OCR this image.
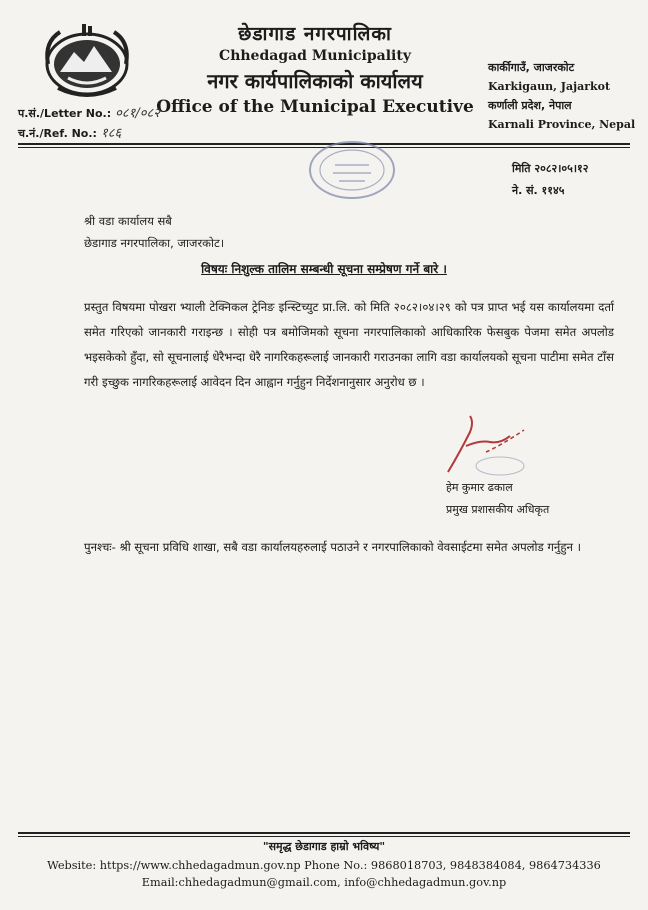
छेडागाड नगरपालिका
Chhedagad Municipality
नगर कार्यपालिकाको कार्यालय
Office of the Municipal Executive
प.सं./Letter No.: ०८१/०८२
च.नं./Ref. No.: १८६
कार्कीगाउँ, जाजरकोट
Karkigaun, Jajarkot
कर्णाली प्रदेश, नेपाल
Karnali Province, Nepal
मिति २०८२।०५।१२
ने. सं. ११४५
श्री वडा कार्यालय सबै
छेडागाड नगरपालिका, जाजरकोट।
विषयः निशुल्क तालिम सम्बन्धी सूचना सम्प्रेषण गर्ने बारे ।
प्रस्तुत विषयमा पोखरा भ्याली टेक्निकल ट्रेनिङ इन्स्टिच्युट प्रा.लि. को मिति २०८२।०४।२९ को पत्र प्राप्त भई यस कार्यालयमा दर्ता समेत गरिएको जानकारी गराइन्छ । सोही पत्र बमोजिमको सूचना नगरपालिकाको आधिकारिक फेसबुक पेजमा समेत अपलोड भइसकेको हुँदा, सो सूचनालाई धेरैभन्दा धेरै नागरिकहरूलाई जानकारी गराउनका लागि वडा कार्यालयको सूचना पाटीमा समेत टाँस गरी इच्छुक नागरिकहरूलाई आवेदन दिन आह्वान गर्नुहुन निर्देशनानुसार अनुरोध छ ।
हेम कुमार ढकाल
प्रमुख प्रशासकीय अधिकृत
पुनश्चः- श्री सूचना प्रविधि शाखा, सबै वडा कार्यालयहरुलाई पठाउने र नगरपालिकाको वेवसाईटमा समेत अपलोड गर्नुहुन ।
"समृद्ध छेडागाड हाम्रो भविष्य"
Website: https://www.chhedagadmun.gov.np Phone No.: 9868018703, 9848384084, 9864734336
Email:chhedagadmun@gmail.com, info@chhedagadmun.gov.np
